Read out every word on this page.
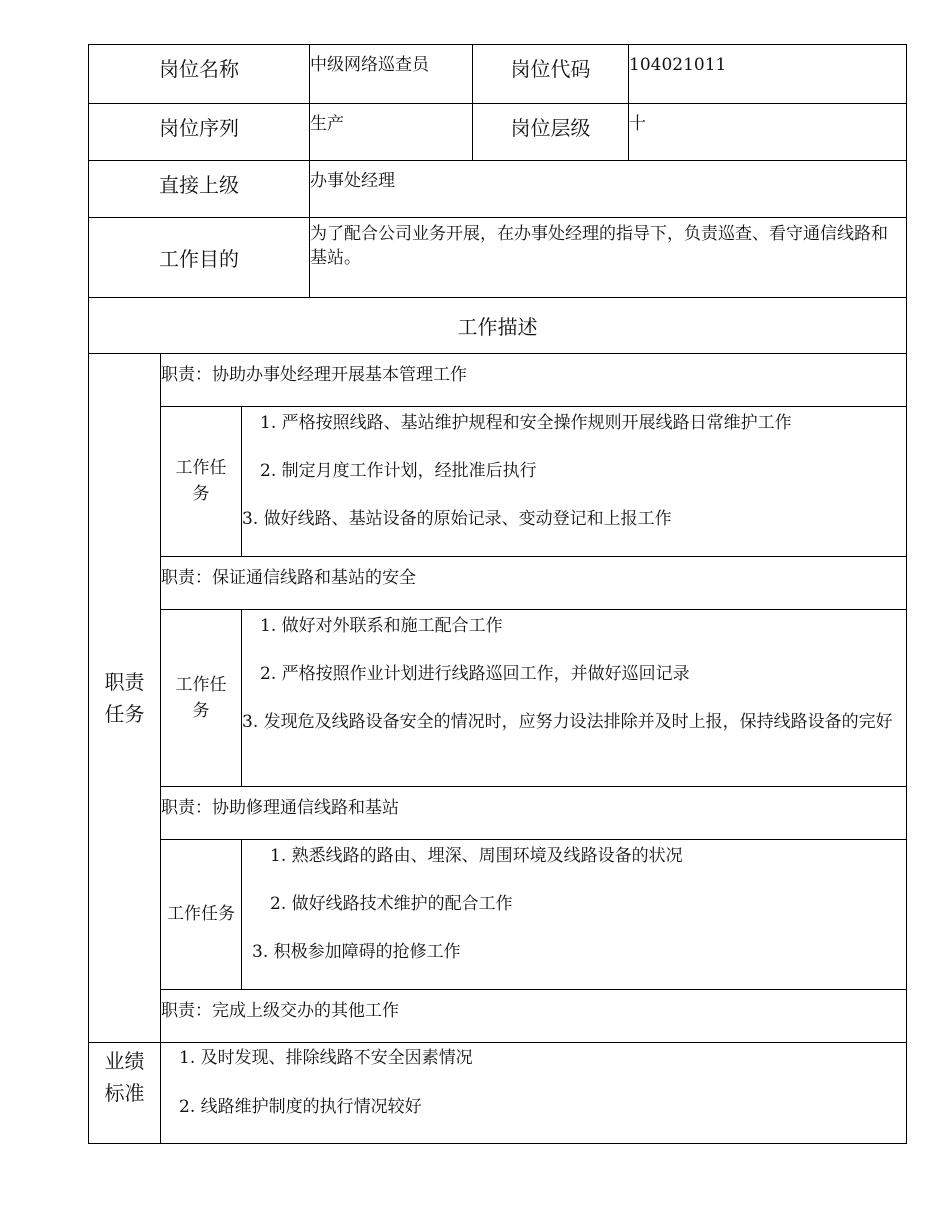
岗位名称	中级网络巡查员	岗位代码	104021011
岗位序列	生产	岗位层级	十
直接上级	办事处经理		
工作目的	为了配合公司业务开展，在办事处经理的指导下，负责巡查、看守通信线路和基站。		
工作描述			
职责任务	职责：协助办事处经理开展基本管理工作	
	工作任务	1. 严格按照线路、基站维护规程和安全操作规则开展线路日常维护工作
2. 制定月度工作计划，经批准后执行
3. 做好线路、基站设备的原始记录、变动登记和上报工作

	职责：保证通信线路和基站的安全	
	工作任务	1. 做好对外联系和施工配合工作
2. 严格按照作业计划进行线路巡回工作，并做好巡回记录
3. 发现危及线路设备安全的情况时，应努力设法排除并及时上报，保持线路设备的完好

	职责：协助修理通信线路和基站	
	工作任务	1. 熟悉线路的路由、埋深、周围环境及线路设备的状况
2. 做好线路技术维护的配合工作
3. 积极参加障碍的抢修工作

	职责：完成上级交办的其他工作	
业绩标准	1. 及时发现、排除线路不安全因素情况
2. 线路维护制度的执行情况较好	
